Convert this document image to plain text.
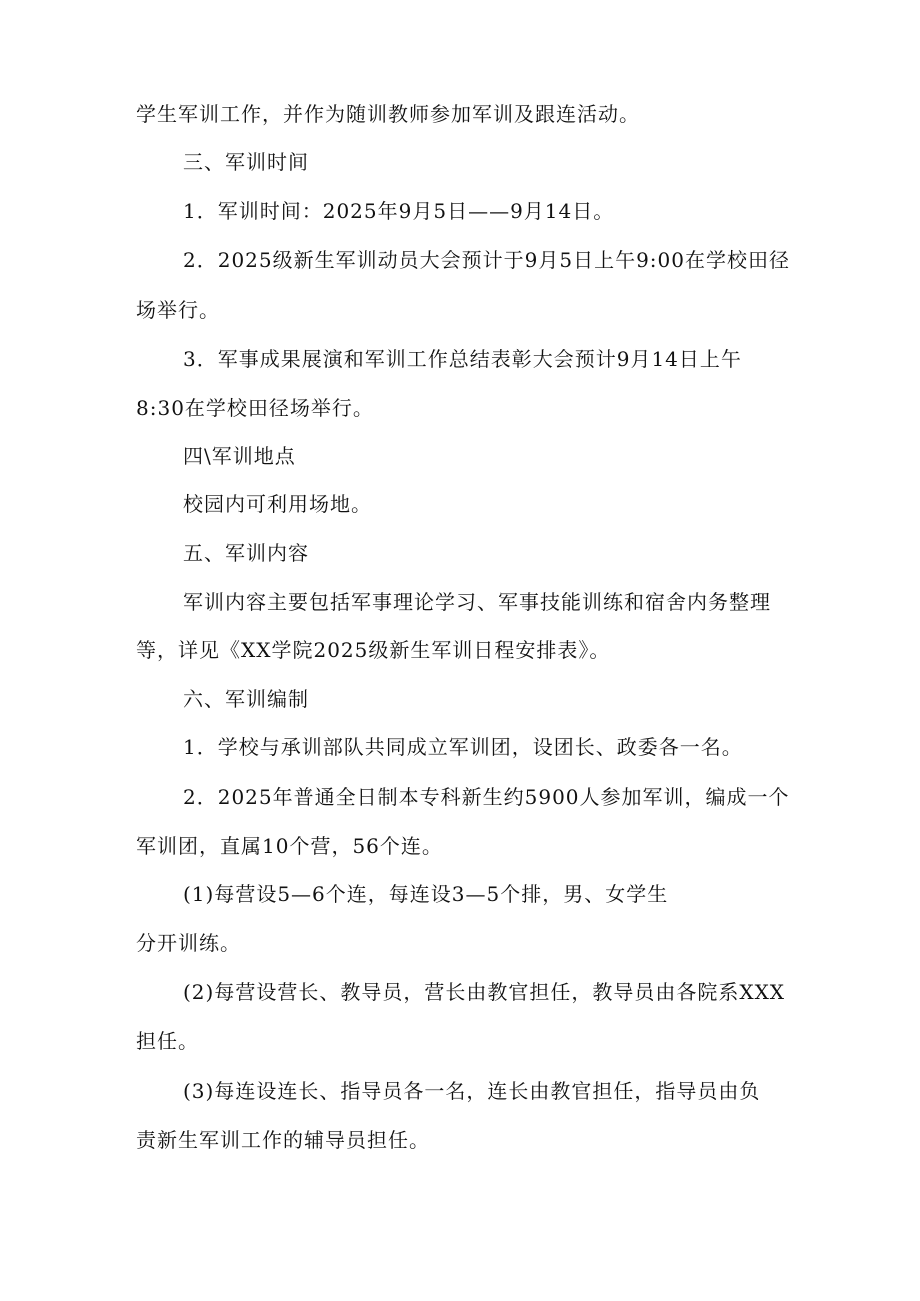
学生军训工作，并作为随训教师参加军训及跟连活动。
三、军训时间
1．军训时间：2025年9月5日——9月14日。
2．2025级新生军训动员大会预计于9月5日上午9:00在学校田径
场举行。
3．军事成果展演和军训工作总结表彰大会预计9月14日上午
8:30在学校田径场举行。
四\军训地点
校园内可利用场地。
五、军训内容
军训内容主要包括军事理论学习、军事技能训练和宿舍内务整理
等，详见《XX学院2025级新生军训日程安排表》。
六、军训编制
1．学校与承训部队共同成立军训团，设团长、政委各一名。
2．2025年普通全日制本专科新生约5900人参加军训，编成一个
军训团，直属10个营，56个连。
(1)每营设5—6个连，每连设3—5个排，男、女学生
分开训练。
(2)每营设营长、教导员，营长由教官担任，教导员由各院系XXX
担任。
(3)每连设连长、指导员各一名，连长由教官担任，指导员由负
责新生军训工作的辅导员担任。
